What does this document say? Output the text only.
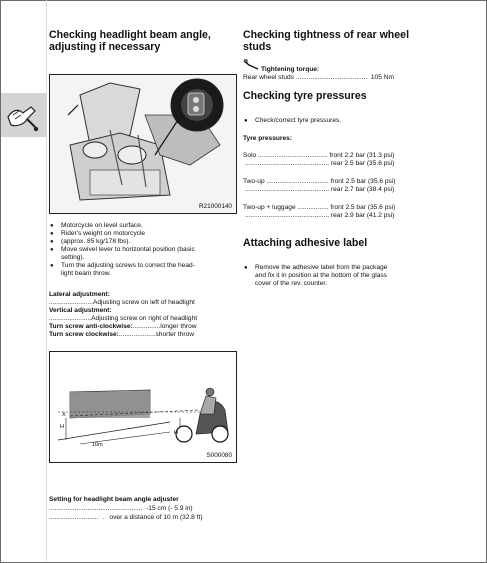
Checking headlight beam angle,
adjusting if necessary
R21000140
● Motorcycle on level surface.
● Rider's weight on motorcycle
● (approx. 85 kg/178 lbs).
● Move swivel lever to horizontal position (basic
setting).
● Turn the adjusting screws to correct the head-
light beam throw.
Lateral adjustment:
........................Adjusting screw on left of headlight
Vertical adjustment:
.......................Adjusting screw on right of headlight
Turn screw anti-clockwise:...............longer throw
Turn screw clockwise:....................shorter throw
H
H
X
10m
S000080
Setting for headlight beam angle adjuster
...................................................  -15 cm (- 5.9 in)
...........................  .   over a distance of 10 m (32.8 ft)
Checking tightness of rear wheel
studs
Tightening torque:
Rear wheel studs .......................................  105 Nm
Checking tyre pressures
● Check/correct tyre pressures.
Tyre pressures:
Solo ...................................... front 2.2 bar (31.3 psi)
.............................................. rear 2.5 bar (35.6 psi)
Two-up .................................. front 2.5 bar (35.6 psi)
.............................................. rear 2.7 bar (38.4 psi)
Two-up + luggage ................. front 2.5 bar (35.6 psi)
.............................................. rear 2.9 bar (41.2 psi)
Attaching adhesive label
● Remove the adhesive label from the package
and fix it in position at the bottom of the glass
cover of the rev. counter.
